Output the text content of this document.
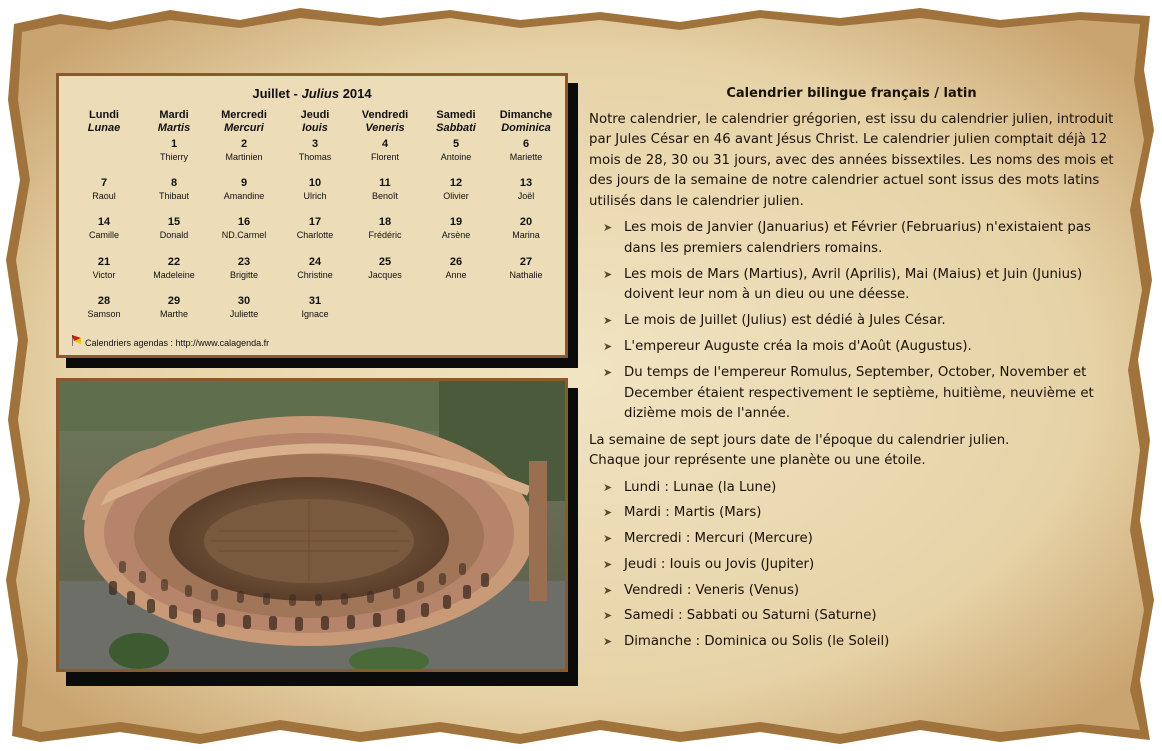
Juillet - Julius 2014
Lundi
Lunae
Mardi
Martis
Mercredi
Mercuri
Jeudi
Iouis
Vendredi
Veneris
Samedi
Sabbati
Dimanche
Dominica
1
Thierry
2
Martinien
3
Thomas
4
Florent
5
Antoine
6
Mariette
7
Raoul
8
Thibaut
9
Amandine
10
Ulrich
11
Benoît
12
Olivier
13
Joël
14
Camille
15
Donald
16
ND.Carmel
17
Charlotte
18
Frédéric
19
Arsène
20
Marina
21
Victor
22
Madeleine
23
Brigitte
24
Christine
25
Jacques
26
Anne
27
Nathalie
28
Samson
29
Marthe
30
Juliette
31
Ignace
Calendriers agendas : http://www.calagenda.fr
Calendrier bilingue français / latin

Notre calendrier, le calendrier grégorien, est issu du calendrier julien, introduit par Jules César en 46 avant Jésus Christ. Le calendrier julien comptait déjà 12 mois de 28, 30 ou 31 jours, avec des années bissextiles. Les noms des mois et des jours de la semaine de notre calendrier actuel sont issus des mots latins utilisés dans le calendrier julien.

➤ Les mois de Janvier (Januarius) et Février (Februarius) n'existaient pas dans les premiers calendriers romains.
➤ Les mois de Mars (Martius), Avril (Aprilis), Mai (Maius) et Juin (Junius) doivent leur nom à un dieu ou une déesse.
➤ Le mois de Juillet (Julius) est dédié à Jules César.
➤ L'empereur Auguste créa la mois d'Août (Augustus).
➤ Du temps de l'empereur Romulus, September, October, November et December étaient respectivement le septième, huitième, neuvième et dizième mois de l'année.

La semaine de sept jours date de l'époque du calendrier julien.

Chaque jour représente une planète ou une étoile.

➤ Lundi : Lunae (la Lune)
➤ Mardi : Martis (Mars)
➤ Mercredi : Mercuri (Mercure)
➤ Jeudi : Iouis ou Jovis (Jupiter)
➤ Vendredi : Veneris (Venus)
➤ Samedi : Sabbati ou Saturni (Saturne)
➤ Dimanche : Dominica ou Solis (le Soleil)
